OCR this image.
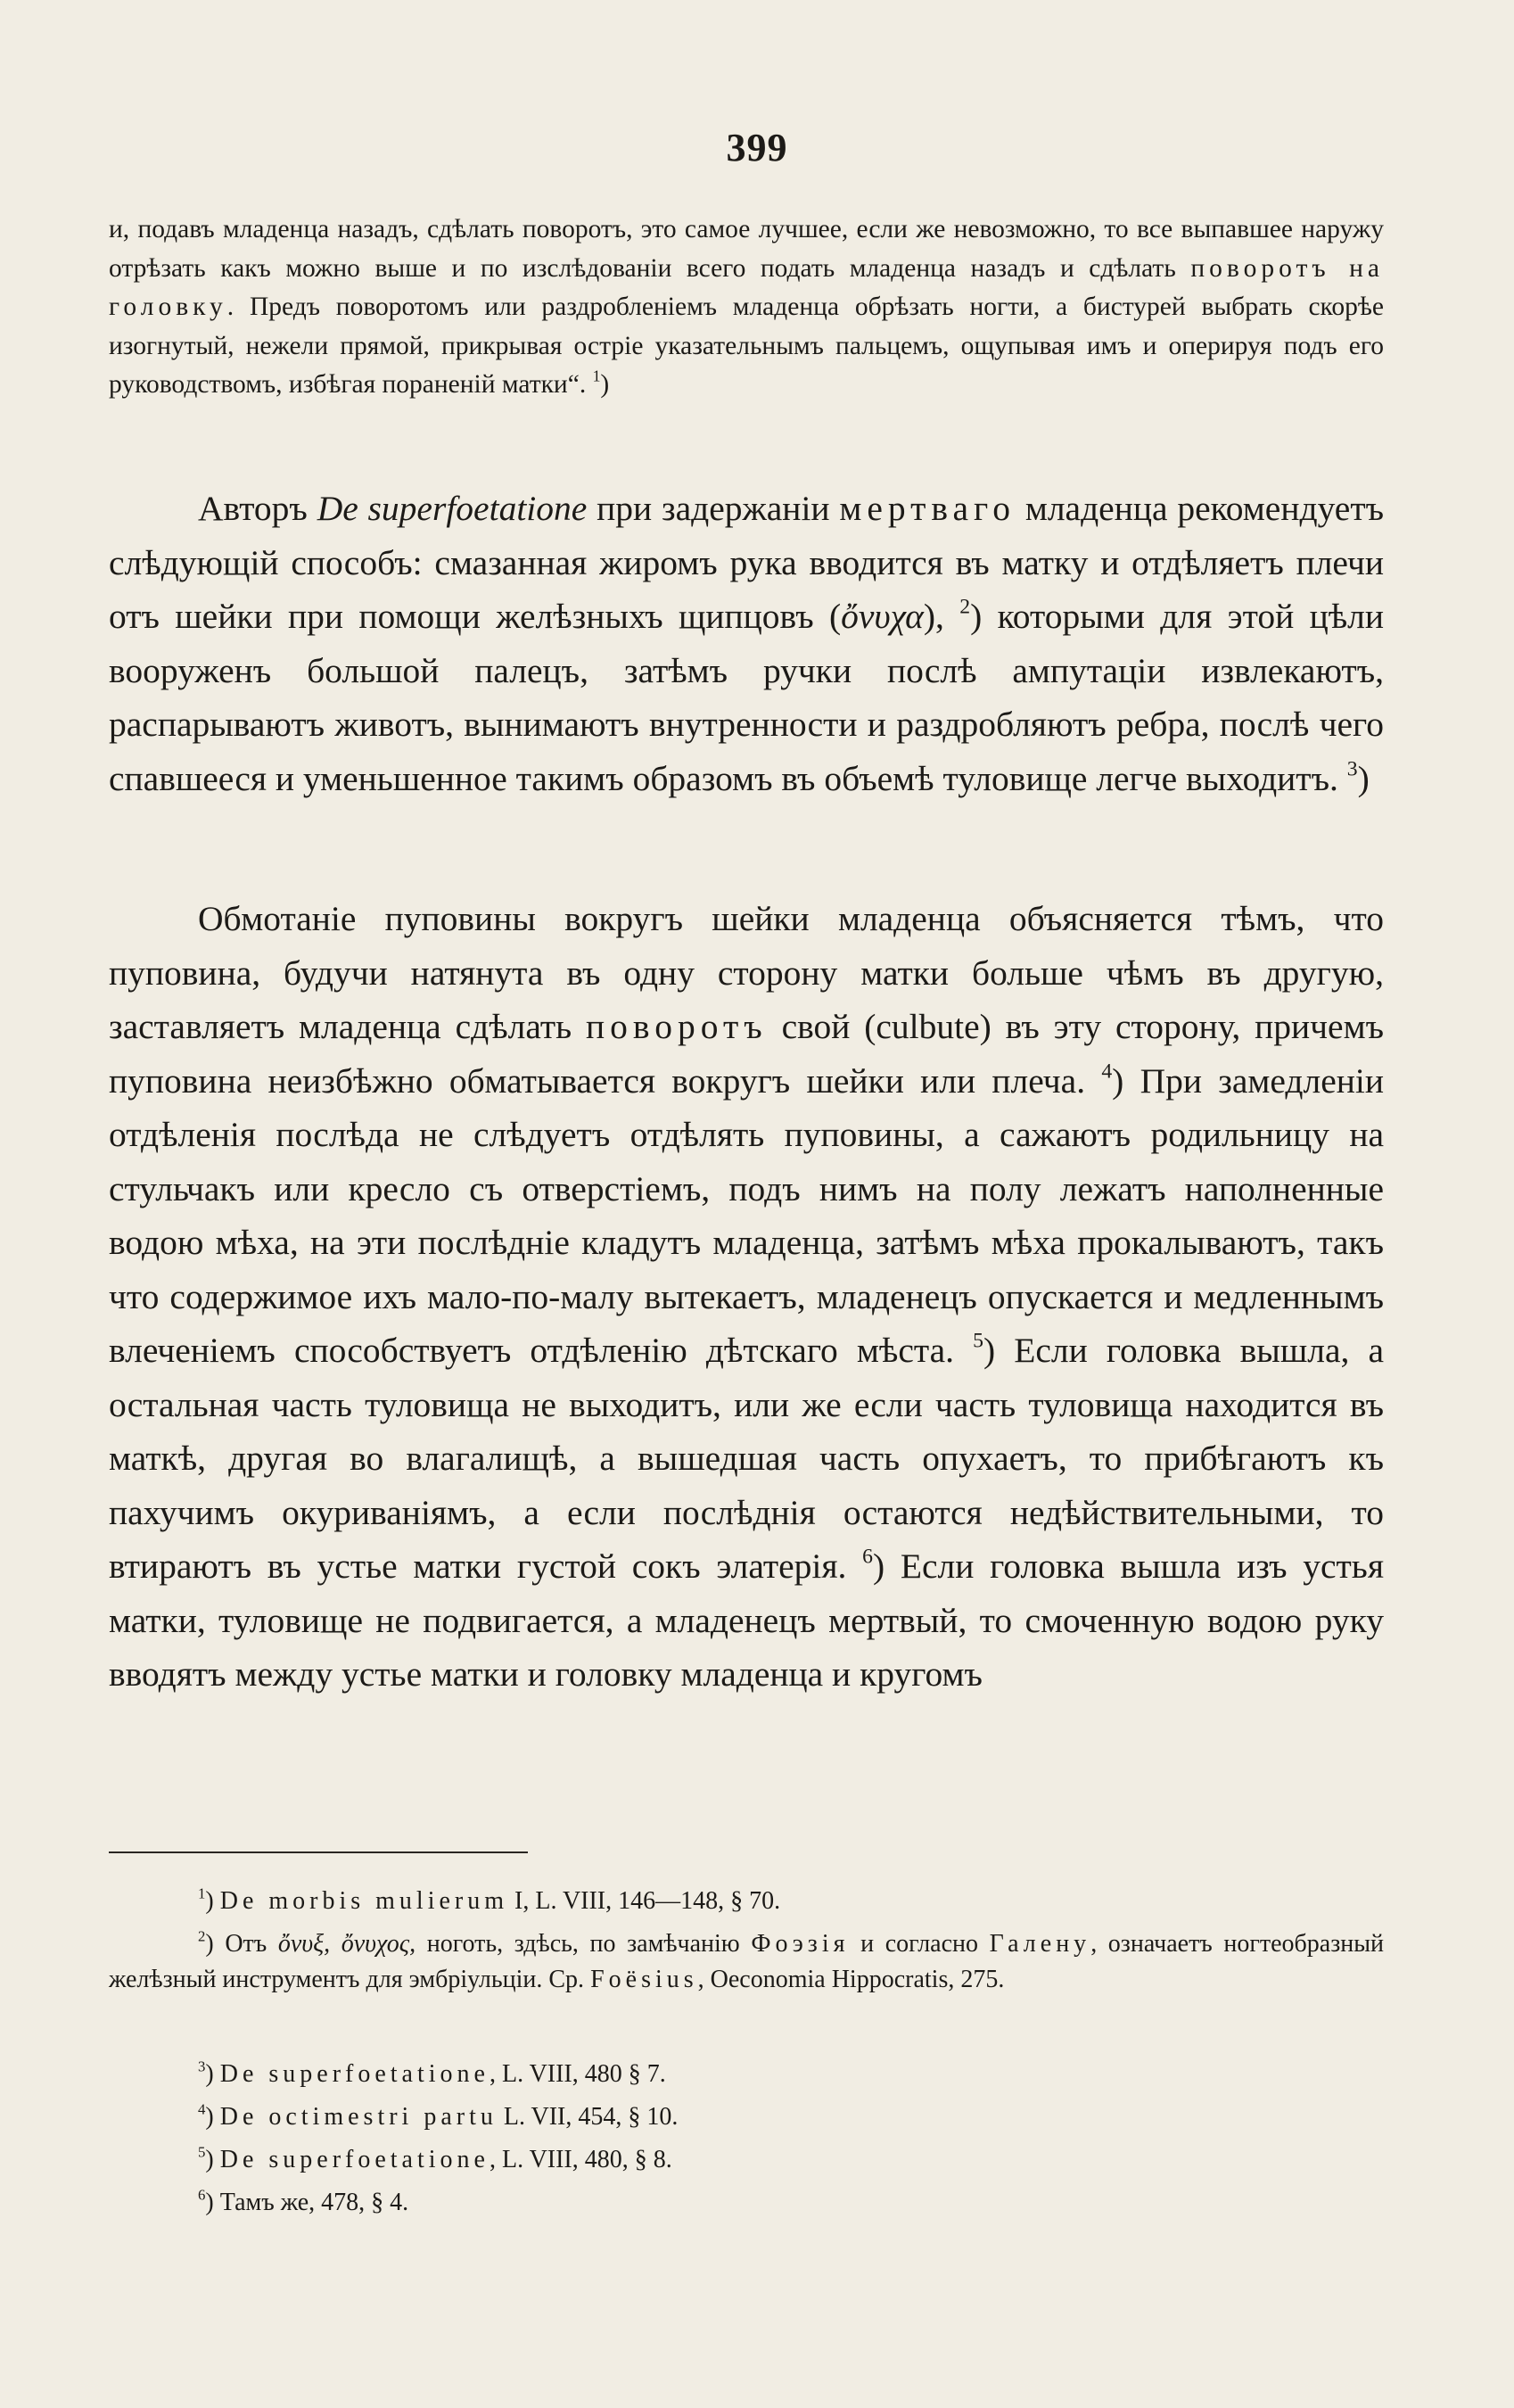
399
и, подавъ младенца назадъ, сдѣлать поворотъ, это самое лучшее, если же невозможно, то все выпавшее наружу отрѣзать какъ можно выше и по изслѣдованіи всего подать младенца назадъ и сдѣлать поворотъ на головку. Предъ поворотомъ или раздробленіемъ младенца обрѣзать ногти, а бистурей выбрать скорѣе изогнутый, нежели прямой, прикрывая остріе указательнымъ пальцемъ, ощупывая имъ и оперируя подъ его руководствомъ, избѣгая пораненій матки“. $^1$)
Авторъ De superfoetatione при задержаніи мертваго младенца рекомендуетъ слѣдующій способъ: смазанная жиромъ рука вводится въ матку и отдѣляетъ плечи отъ шейки при помощи желѣзныхъ щипцовъ (ὄνυχα), $^2$) которыми для этой цѣли вооруженъ большой палецъ, затѣмъ ручки послѣ ампутаціи извлекаютъ, распарываютъ животъ, вынимаютъ внутренности и раздробляютъ ребра, послѣ чего спавшееся и уменьшенное такимъ образомъ въ объемѣ туловище легче выходитъ. $^3$)
Обмотаніе пуповины вокругъ шейки младенца объясняется тѣмъ, что пуповина, будучи натянута въ одну сторону матки больше чѣмъ въ другую, заставляетъ младенца сдѣлать поворотъ свой (culbute) въ эту сторону, причемъ пуповина неизбѣжно обматывается вокругъ шейки или плеча. $^4$) При замедленіи отдѣленія послѣда не слѣдуетъ отдѣлять пуповины, а сажаютъ родильницу на стульчакъ или кресло съ отверстіемъ, подъ нимъ на полу лежатъ наполненные водою мѣха, на эти послѣдніе кладутъ младенца, затѣмъ мѣха прокалываютъ, такъ что содержимое ихъ мало-по-малу вытекаетъ, младенецъ опускается и медленнымъ влеченіемъ способствуетъ отдѣленію дѣтскаго мѣста. $^5$) Если головка вышла, а остальная часть туловища не выходитъ, или же если часть туловища находится въ маткѣ, другая во влагалищѣ, а вышедшая часть опухаетъ, то прибѣгаютъ къ пахучимъ окуриваніямъ, а если послѣднія остаются недѣйствительными, то втираютъ въ устье матки густой сокъ элатерія. $^6$) Если головка вышла изъ устья матки, туловище не подвигается, а младенецъ мертвый, то смоченную водою руку вводятъ между устье матки и головку младенца и кругомъ
$^1$) De morbis mulierum I, L. VIII, 146—148, § 70.
$^2$) Отъ ὄνυξ, ὄνυχος, ноготь, здѣсь, по замѣчанію Фоэзія и согласно Галену, означаетъ ногтеобразный желѣзный инструментъ для эмбріульціи. Ср. Foësius, Oeconomia Hippocratis, 275.
$^3$) De superfoetatione, L. VIII, 480 § 7.
$^4$) De octimestri partu L. VII, 454, § 10.
$^5$) De superfoetatione, L. VIII, 480, § 8.
$^6$) Тамъ же, 478, § 4.
